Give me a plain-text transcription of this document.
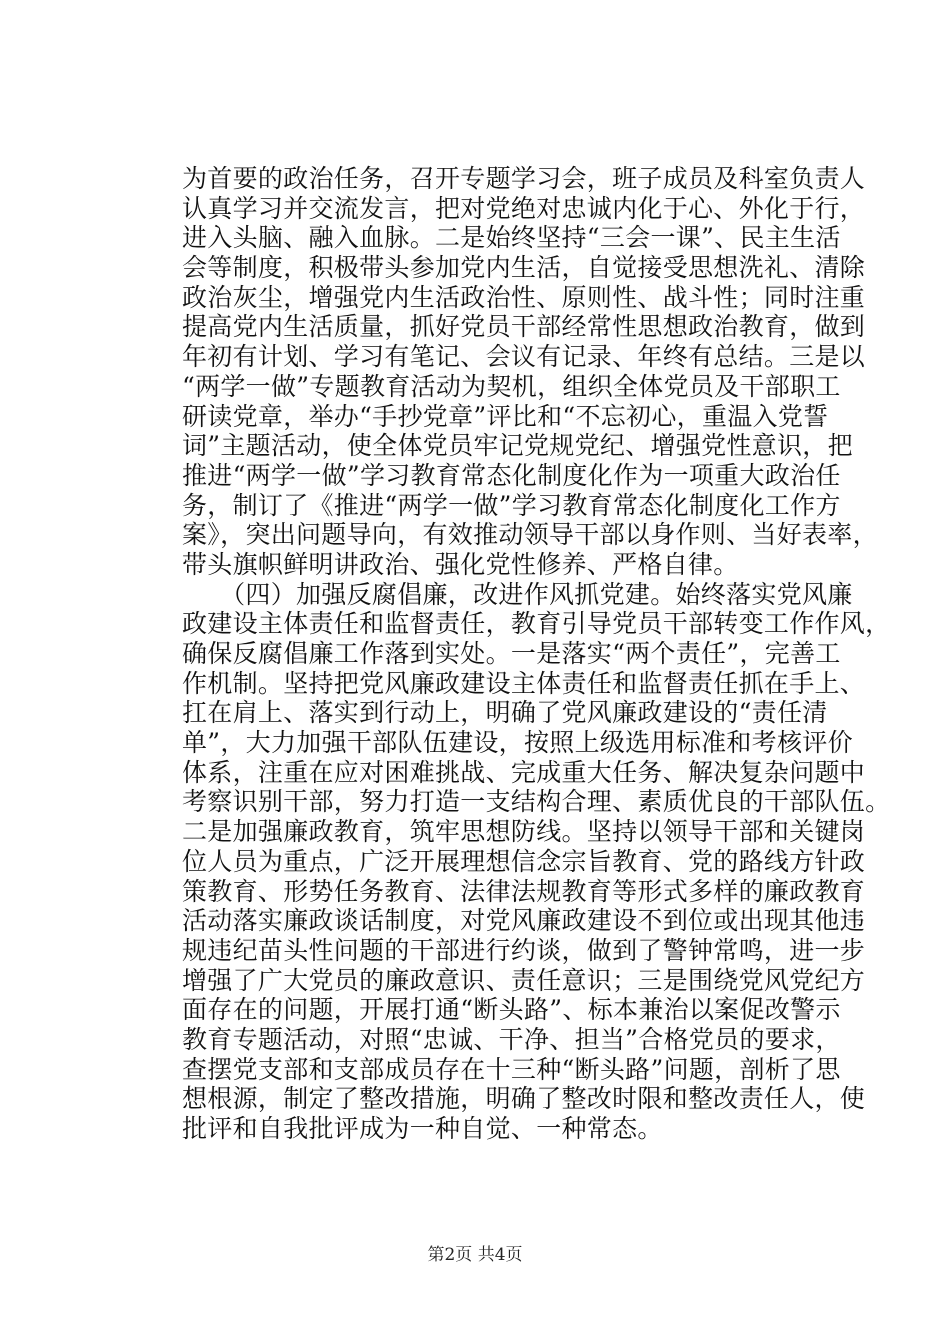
为首要的政治任务，召开专题学习会，班子成员及科室负责人
认真学习并交流发言，把对党绝对忠诚内化于心、外化于行，
进入头脑、融入血脉。二是始终坚持“三会一课”、民主生活
会等制度，积极带头参加党内生活，自觉接受思想洗礼、清除
政治灰尘，增强党内生活政治性、原则性、战斗性；同时注重
提高党内生活质量，抓好党员干部经常性思想政治教育，做到
年初有计划、学习有笔记、会议有记录、年终有总结。三是以
“两学一做”专题教育活动为契机，组织全体党员及干部职工
研读党章，举办“手抄党章”评比和“不忘初心，重温入党誓
词”主题活动，使全体党员牢记党规党纪、增强党性意识，把
推进“两学一做”学习教育常态化制度化作为一项重大政治任
务，制订了《推进“两学一做”学习教育常态化制度化工作方
案》，突出问题导向，有效推动领导干部以身作则、当好表率，
带头旗帜鲜明讲政治、强化党性修养、严格自律。
　　（四）加强反腐倡廉，改进作风抓党建。始终落实党风廉
政建设主体责任和监督责任，教育引导党员干部转变工作作风，
确保反腐倡廉工作落到实处。一是落实“两个责任”，完善工
作机制。坚持把党风廉政建设主体责任和监督责任抓在手上、
扛在肩上、落实到行动上，明确了党风廉政建设的“责任清
单”，大力加强干部队伍建设，按照上级选用标准和考核评价
体系，注重在应对困难挑战、完成重大任务、解决复杂问题中
考察识别干部，努力打造一支结构合理、素质优良的干部队伍。
二是加强廉政教育，筑牢思想防线。坚持以领导干部和关键岗
位人员为重点，广泛开展理想信念宗旨教育、党的路线方针政
策教育、形势任务教育、法律法规教育等形式多样的廉政教育
活动落实廉政谈话制度，对党风廉政建设不到位或出现其他违
规违纪苗头性问题的干部进行约谈，做到了警钟常鸣，进一步
增强了广大党员的廉政意识、责任意识；三是围绕党风党纪方
面存在的问题，开展打通“断头路”、标本兼治以案促改警示
教育专题活动，对照“忠诚、干净、担当”合格党员的要求，
查摆党支部和支部成员存在十三种“断头路”问题，剖析了思
想根源，制定了整改措施，明确了整改时限和整改责任人，使
批评和自我批评成为一种自觉、一种常态。
第2页 共4页
